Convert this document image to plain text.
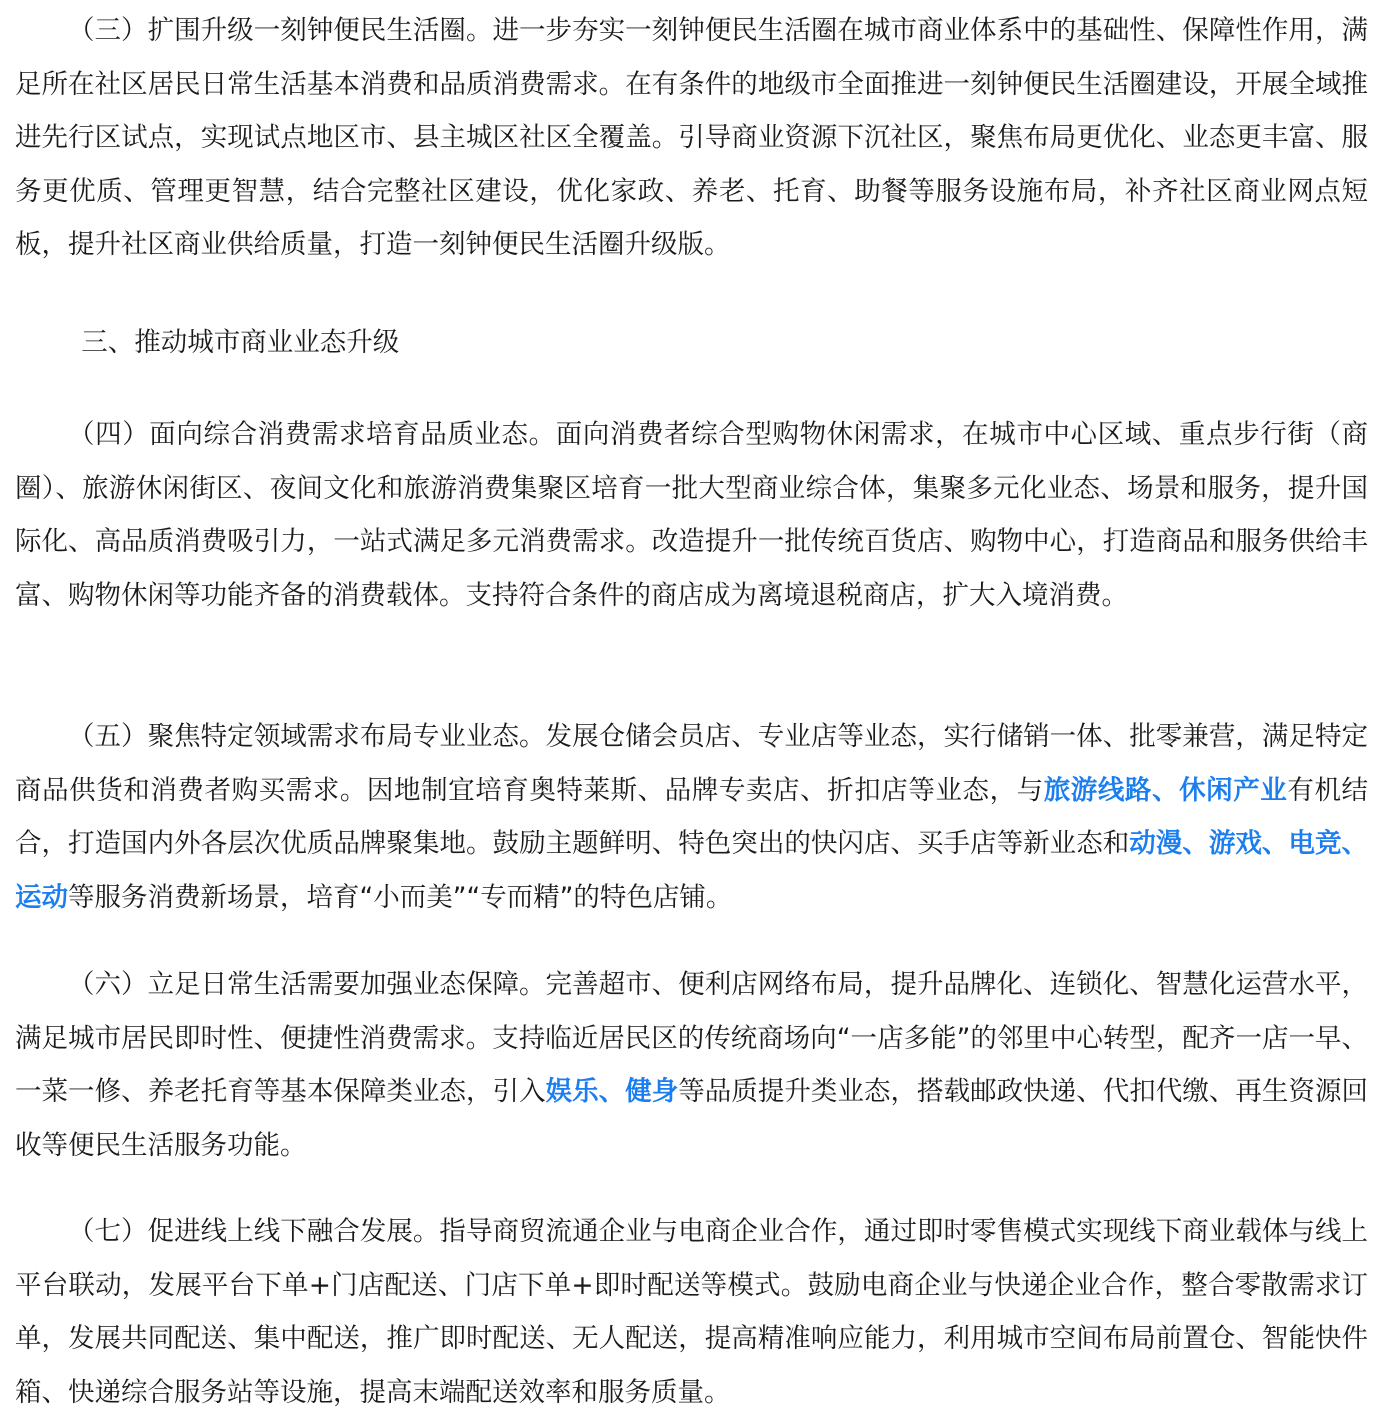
（三）扩围升级一刻钟便民生活圈。进一步夯实一刻钟便民生活圈在城市商业体系中的基础性、保障性作用，满足所在社区居民日常生活基本消费和品质消费需求。在有条件的地级市全面推进一刻钟便民生活圈建设，开展全域推进先行区试点，实现试点地区市、县主城区社区全覆盖。引导商业资源下沉社区，聚焦布局更优化、业态更丰富、服务更优质、管理更智慧，结合完整社区建设，优化家政、养老、托育、助餐等服务设施布局，补齐社区商业网点短板，提升社区商业供给质量，打造一刻钟便民生活圈升级版。

三、推动城市商业业态升级

（四）面向综合消费需求培育品质业态。面向消费者综合型购物休闲需求，在城市中心区域、重点步行街（商圈）、旅游休闲街区、夜间文化和旅游消费集聚区培育一批大型商业综合体，集聚多元化业态、场景和服务，提升国际化、高品质消费吸引力，一站式满足多元消费需求。改造提升一批传统百货店、购物中心，打造商品和服务供给丰富、购物休闲等功能齐备的消费载体。支持符合条件的商店成为离境退税商店，扩大入境消费。

（五）聚焦特定领域需求布局专业业态。发展仓储会员店、专业店等业态，实行储销一体、批零兼营，满足特定商品供货和消费者购买需求。因地制宜培育奥特莱斯、品牌专卖店、折扣店等业态，与旅游线路、休闲产业有机结合，打造国内外各层次优质品牌聚集地。鼓励主题鲜明、特色突出的快闪店、买手店等新业态和动漫、游戏、电竞、运动等服务消费新场景，培育“小而美”“专而精”的特色店铺。

（六）立足日常生活需要加强业态保障。完善超市、便利店网络布局，提升品牌化、连锁化、智慧化运营水平，满足城市居民即时性、便捷性消费需求。支持临近居民区的传统商场向“一店多能”的邻里中心转型，配齐一店一早、一菜一修、养老托育等基本保障类业态，引入娱乐、健身等品质提升类业态，搭载邮政快递、代扣代缴、再生资源回收等便民生活服务功能。

（七）促进线上线下融合发展。指导商贸流通企业与电商企业合作，通过即时零售模式实现线下商业载体与线上平台联动，发展平台下单+门店配送、门店下单+即时配送等模式。鼓励电商企业与快递企业合作，整合零散需求订单，发展共同配送、集中配送，推广即时配送、无人配送，提高精准响应能力，利用城市空间布局前置仓、智能快件箱、快递综合服务站等设施，提高末端配送效率和服务质量。
